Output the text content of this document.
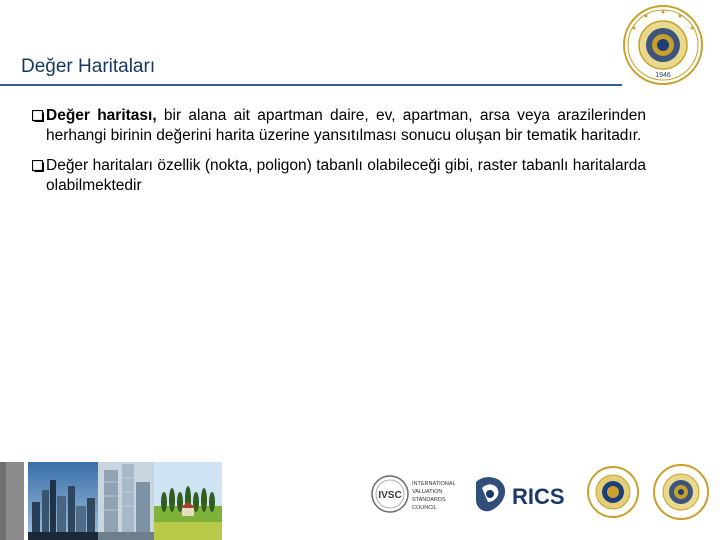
Değer Haritaları	1946
Değer haritası, bir alana ait apartman daire, ev, apartman, arsa veya arazilerinden herhangi birinin değerini harita üzerine yansıtılması sonucu oluşan bir tematik haritadır.
Değer haritaları özellik (nokta, poligon) tabanlı olabileceği gibi, raster tabanlı haritalarda olabilmektedir
IVSC
INTERNATIONAL
VALUATION
STANDARDS
COUNCIL	RICS
